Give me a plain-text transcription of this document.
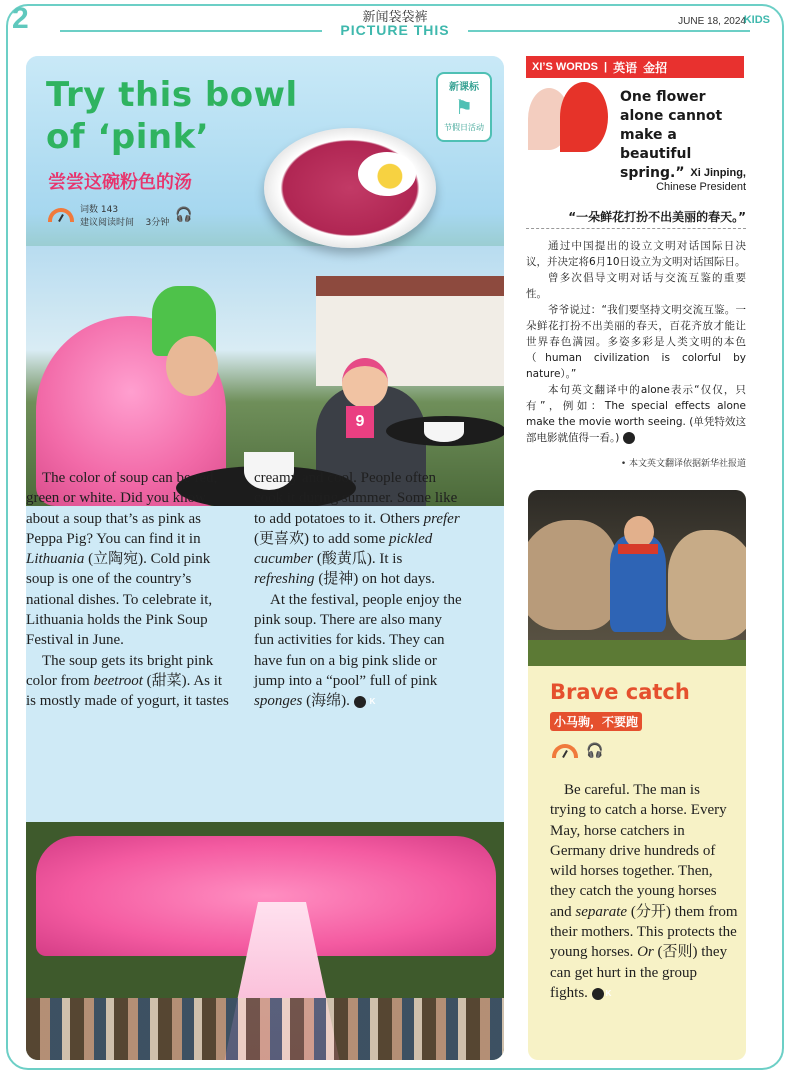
2	新闻袋袋裤
PICTURE THIS
JUNE 18, 2024
KIDS
Try this bowl
of ‘pink’
尝尝这碗粉色的汤
词数 143
建议阅读时间 3分钟 🎧
新课标
⚑
节假日活动
9

The color of soup can be red, green or white. Did you know about a soup that’s as pink as Peppa Pig? You can find it in Lithuania (立陶宛). Cold pink soup is one of the country’s national dishes. To celebrate it, Lithuania holds the Pink Soup Festival in June.

The soup gets its bright pink color from beetroot (甜菜). As it is mostly made of yogurt, it tastes creamy and cool. People often cook it during summer. Some like to add potatoes to it. Others prefer (更喜欢) to add some pickled cucumber (酸黄瓜). It is refreshing (提神) on hot days.

At the festival, people enjoy the pink soup. There are also many fun activities for kids. They can have fun on a big pink slide or jump into a “pool” full of pink sponges (海绵). K

XI’S WORDS | 英语 金招
One flower alone cannot make a beautiful spring.” Xi Jinping,
Chinese President
“一朵鲜花打扮不出美丽的春天。”

通过中国提出的设立文明对话国际日决议，并决定将6月10日设立为文明对话国际日。

曾多次倡导文明对话与交流互鉴的重要性。

爷爷说过：“我们要坚持文明交流互鉴。一朵鲜花打扮不出美丽的春天，百花齐放才能让世界春色满园。多姿多彩是人类文明的本色（human civilization is colorful by nature）。”

本句英文翻译中的alone表示“仅仅，只有”，例如：The special effects alone make the movie worth seeing. (单凭特效这部电影就值得一看。)	K

• 本文英文翻译依据新华社报道
Brave catch
小马驹，不要跑
🎧

Be careful. The man is trying to catch a horse. Every May, horse catchers in Germany drive hundreds of wild horses together. Then, they catch the young horses and separate (分开) them from their mothers. This protects the young horses. Or (否则) they can get hurt in the group fights. K
